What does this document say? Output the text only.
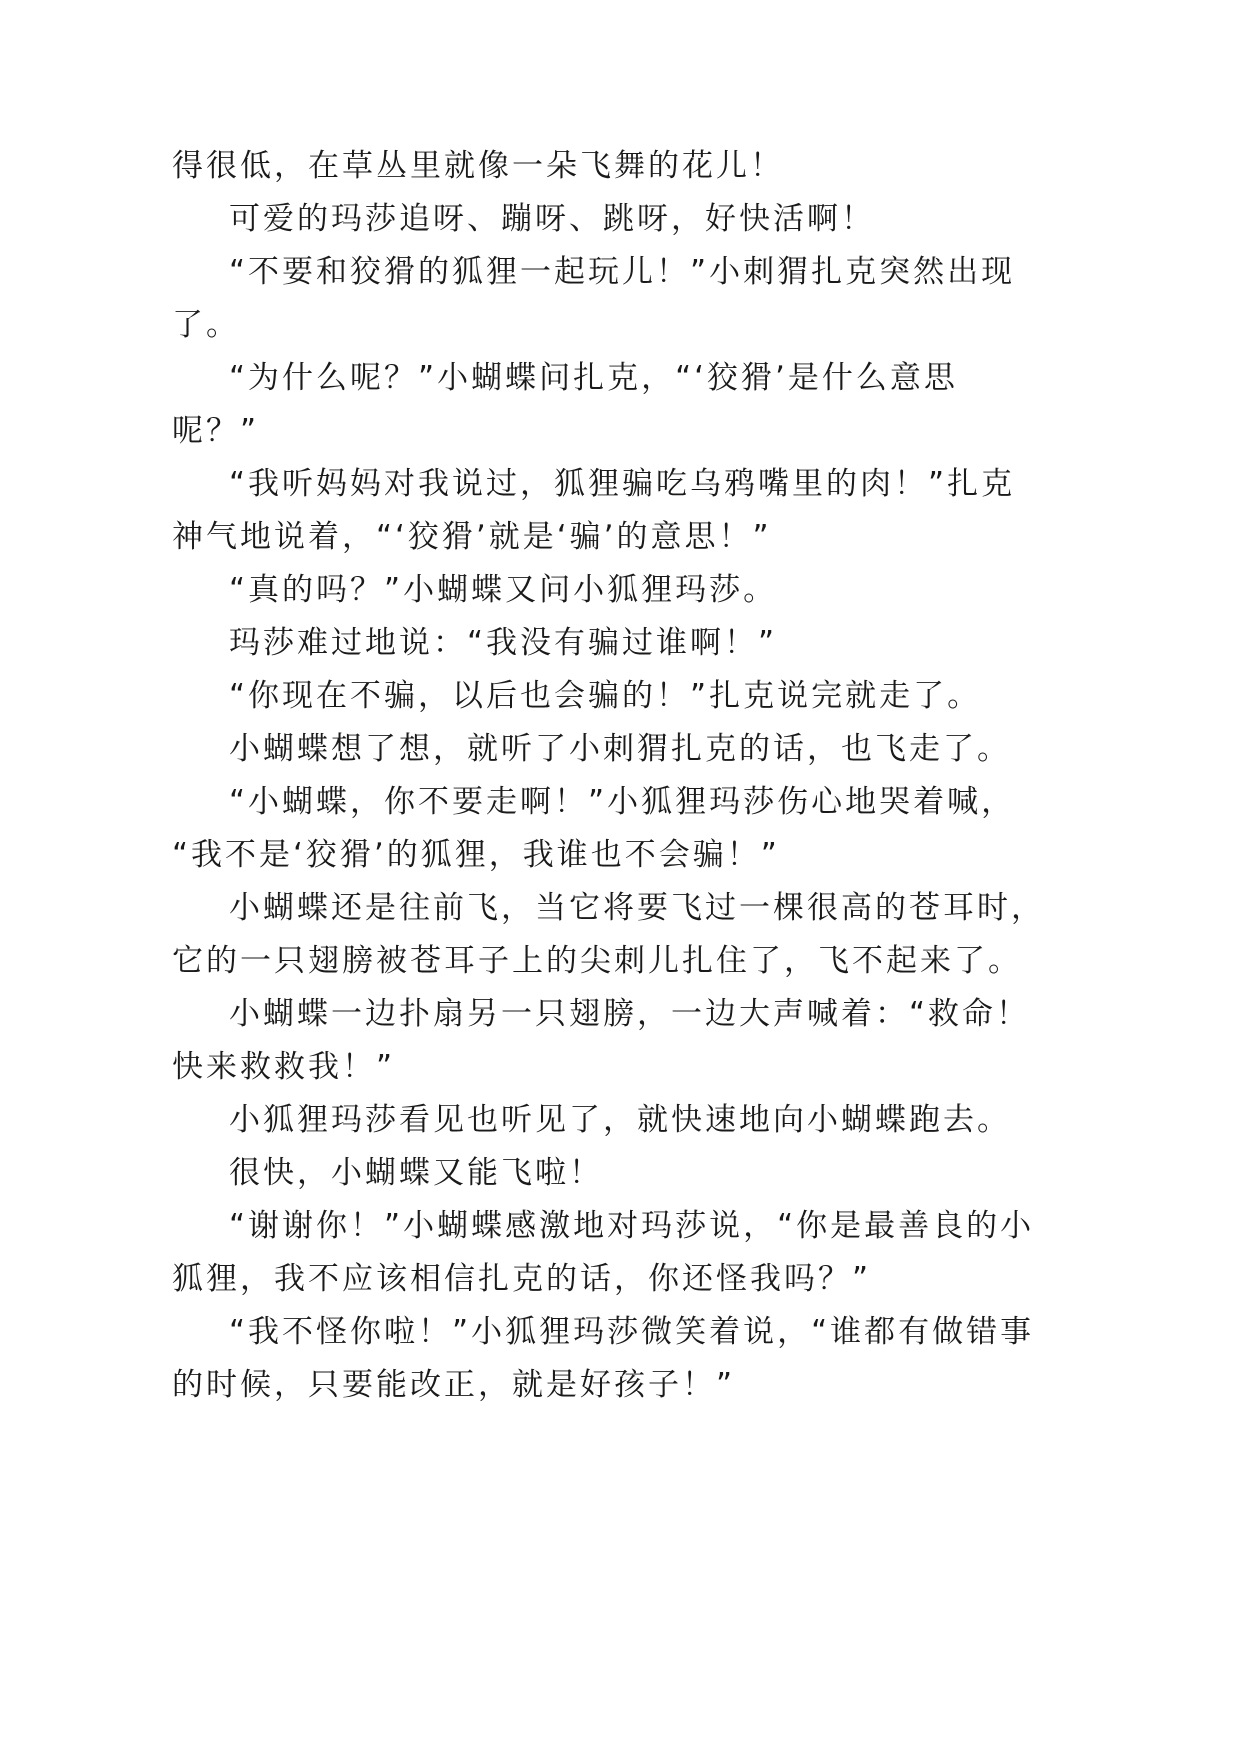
得很低，在草丛里就像一朵飞舞的花儿！
可爱的玛莎追呀、蹦呀、跳呀，好快活啊！
“不要和狡猾的狐狸一起玩儿！”小刺猬扎克突然出现
了。
“为什么呢？”小蝴蝶问扎克，“‘狡猾’是什么意思
呢？”
“我听妈妈对我说过，狐狸骗吃乌鸦嘴里的肉！”扎克
神气地说着，“‘狡猾’就是‘骗’的意思！”
“真的吗？”小蝴蝶又问小狐狸玛莎。
玛莎难过地说：“我没有骗过谁啊！”
“你现在不骗，以后也会骗的！”扎克说完就走了。
小蝴蝶想了想，就听了小刺猬扎克的话，也飞走了。
“小蝴蝶，你不要走啊！”小狐狸玛莎伤心地哭着喊，
“我不是‘狡猾’的狐狸，我谁也不会骗！”
小蝴蝶还是往前飞，当它将要飞过一棵很高的苍耳时，
它的一只翅膀被苍耳子上的尖刺儿扎住了，飞不起来了。
小蝴蝶一边扑扇另一只翅膀，一边大声喊着：“救命！
快来救救我！”
小狐狸玛莎看见也听见了，就快速地向小蝴蝶跑去。
很快，小蝴蝶又能飞啦！
“谢谢你！”小蝴蝶感激地对玛莎说，“你是最善良的小
狐狸，我不应该相信扎克的话，你还怪我吗？”
“我不怪你啦！”小狐狸玛莎微笑着说，“谁都有做错事
的时候，只要能改正，就是好孩子！”
